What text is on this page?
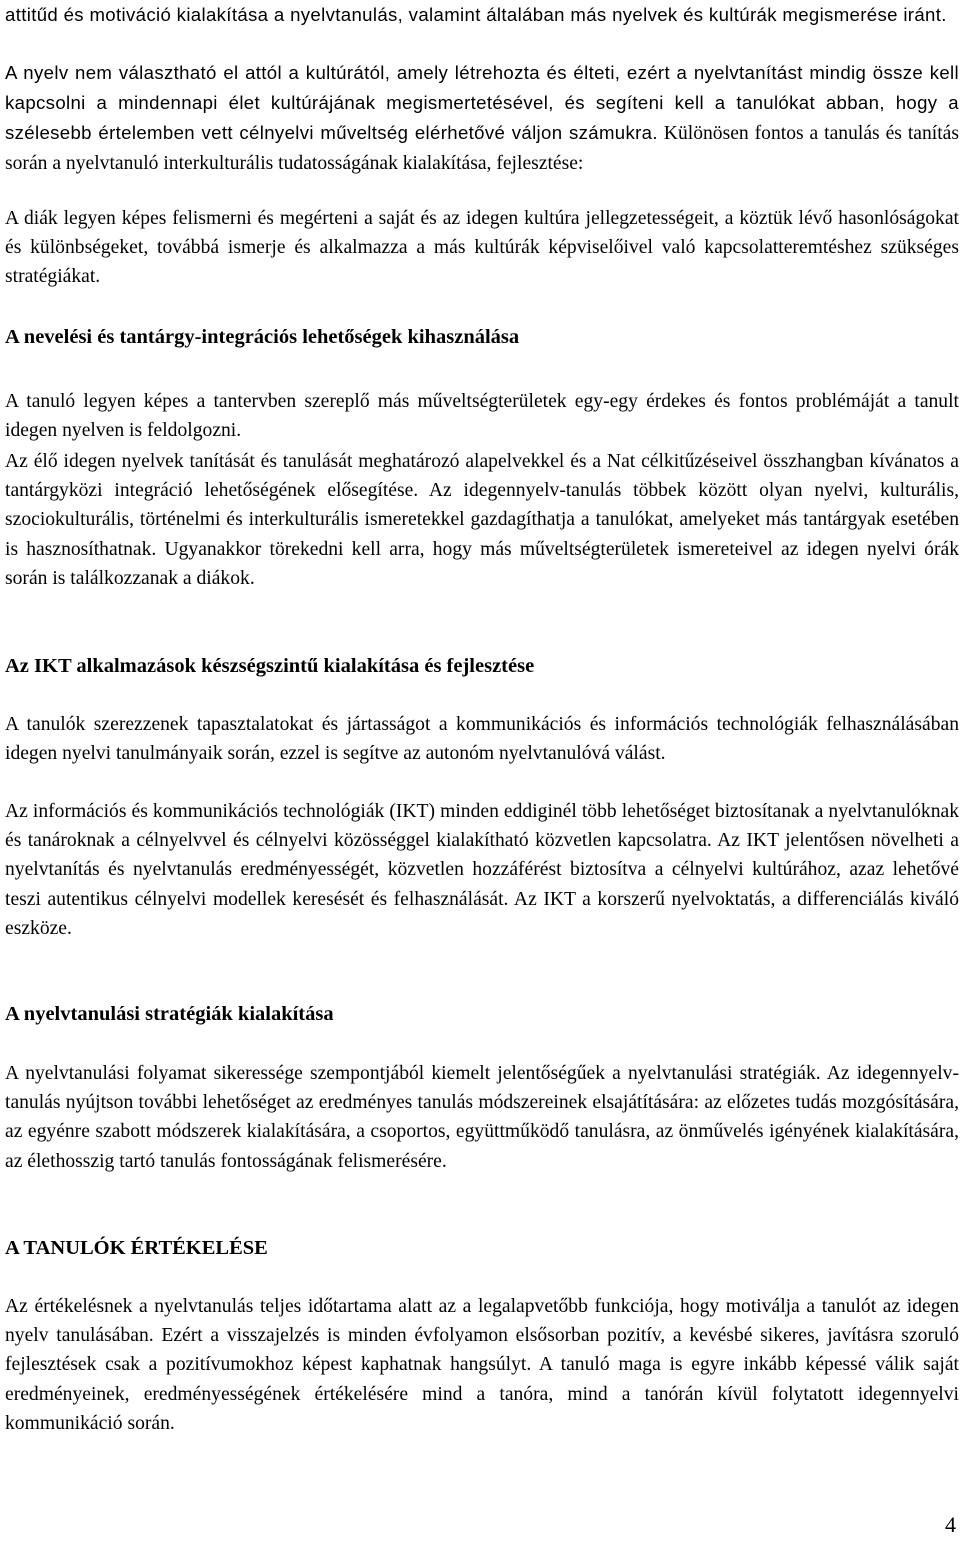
attitűd és motiváció kialakítása a nyelvtanulás, valamint általában más nyelvek és kultúrák megismerése iránt.

A nyelv nem választható el attól a kultúrától, amely létrehozta és élteti, ezért a nyelvtanítást mindig össze kell kapcsolni a mindennapi élet kultúrájának megismertetésével, és segíteni kell a tanulókat abban, hogy a szélesebb értelemben vett célnyelvi műveltség elérhetővé váljon számukra. Különösen fontos a tanulás és tanítás során a nyelvtanuló interkulturális tudatosságának kialakítása, fejlesztése:

A diák legyen képes felismerni és megérteni a saját és az idegen kultúra jellegzetességeit, a köztük lévő hasonlóságokat és különbségeket, továbbá ismerje és alkalmazza a más kultúrák képviselőivel való kapcsolatteremtéshez szükséges stratégiákat.

A nevelési és tantárgy-integrációs lehetőségek kihasználása

A tanuló legyen képes a tantervben szereplő más műveltségterületek egy-egy érdekes és fontos problémáját a tanult idegen nyelven is feldolgozni.

Az élő idegen nyelvek tanítását és tanulását meghatározó alapelvekkel és a Nat célkitűzéseivel összhangban kívánatos a tantárgyközi integráció lehetőségének elősegítése. Az idegennyelv-tanulás többek között olyan nyelvi, kulturális, szociokulturális, történelmi és interkulturális ismeretekkel gazdagíthatja a tanulókat, amelyeket más tantárgyak esetében is hasznosíthatnak. Ugyanakkor törekedni kell arra, hogy más műveltségterületek ismereteivel az idegen nyelvi órák során is találkozzanak a diákok.

Az IKT alkalmazások készségszintű kialakítása és fejlesztése

A tanulók szerezzenek tapasztalatokat és jártasságot a kommunikációs és információs technológiák felhasználásában idegen nyelvi tanulmányaik során, ezzel is segítve az autonóm nyelvtanulóvá válást.

Az információs és kommunikációs technológiák (IKT) minden eddiginél több lehetőséget biztosítanak a nyelvtanulóknak és tanároknak a célnyelvvel és célnyelvi közösséggel kialakítható közvetlen kapcsolatra. Az IKT jelentősen növelheti a nyelvtanítás és nyelvtanulás eredményességét, közvetlen hozzáférést biztosítva a célnyelvi kultúrához, azaz lehetővé teszi autentikus célnyelvi modellek keresését és felhasználását. Az IKT a korszerű nyelvoktatás, a differenciálás kiváló eszköze.

A nyelvtanulási stratégiák kialakítása

A nyelvtanulási folyamat sikeressége szempontjából kiemelt jelentőségűek a nyelvtanulási stratégiák. Az idegennyelv-tanulás nyújtson további lehetőséget az eredményes tanulás módszereinek elsajátítására: az előzetes tudás mozgósítására, az egyénre szabott módszerek kialakítására, a csoportos, együttműködő tanulásra, az önművelés igényének kialakítására, az élethosszig tartó tanulás fontosságának felismerésére.

A TANULÓK ÉRTÉKELÉSE

Az értékelésnek a nyelvtanulás teljes időtartama alatt az a legalapvetőbb funkciója, hogy motiválja a tanulót az idegen nyelv tanulásában. Ezért a visszajelzés is minden évfolyamon elsősorban pozitív, a kevésbé sikeres, javításra szoruló fejlesztések csak a pozitívumokhoz képest kaphatnak hangsúlyt. A tanuló maga is egyre inkább képessé válik saját eredményeinek, eredményességének értékelésére mind a tanóra, mind a tanórán kívül folytatott idegennyelvi kommunikáció során.

4
